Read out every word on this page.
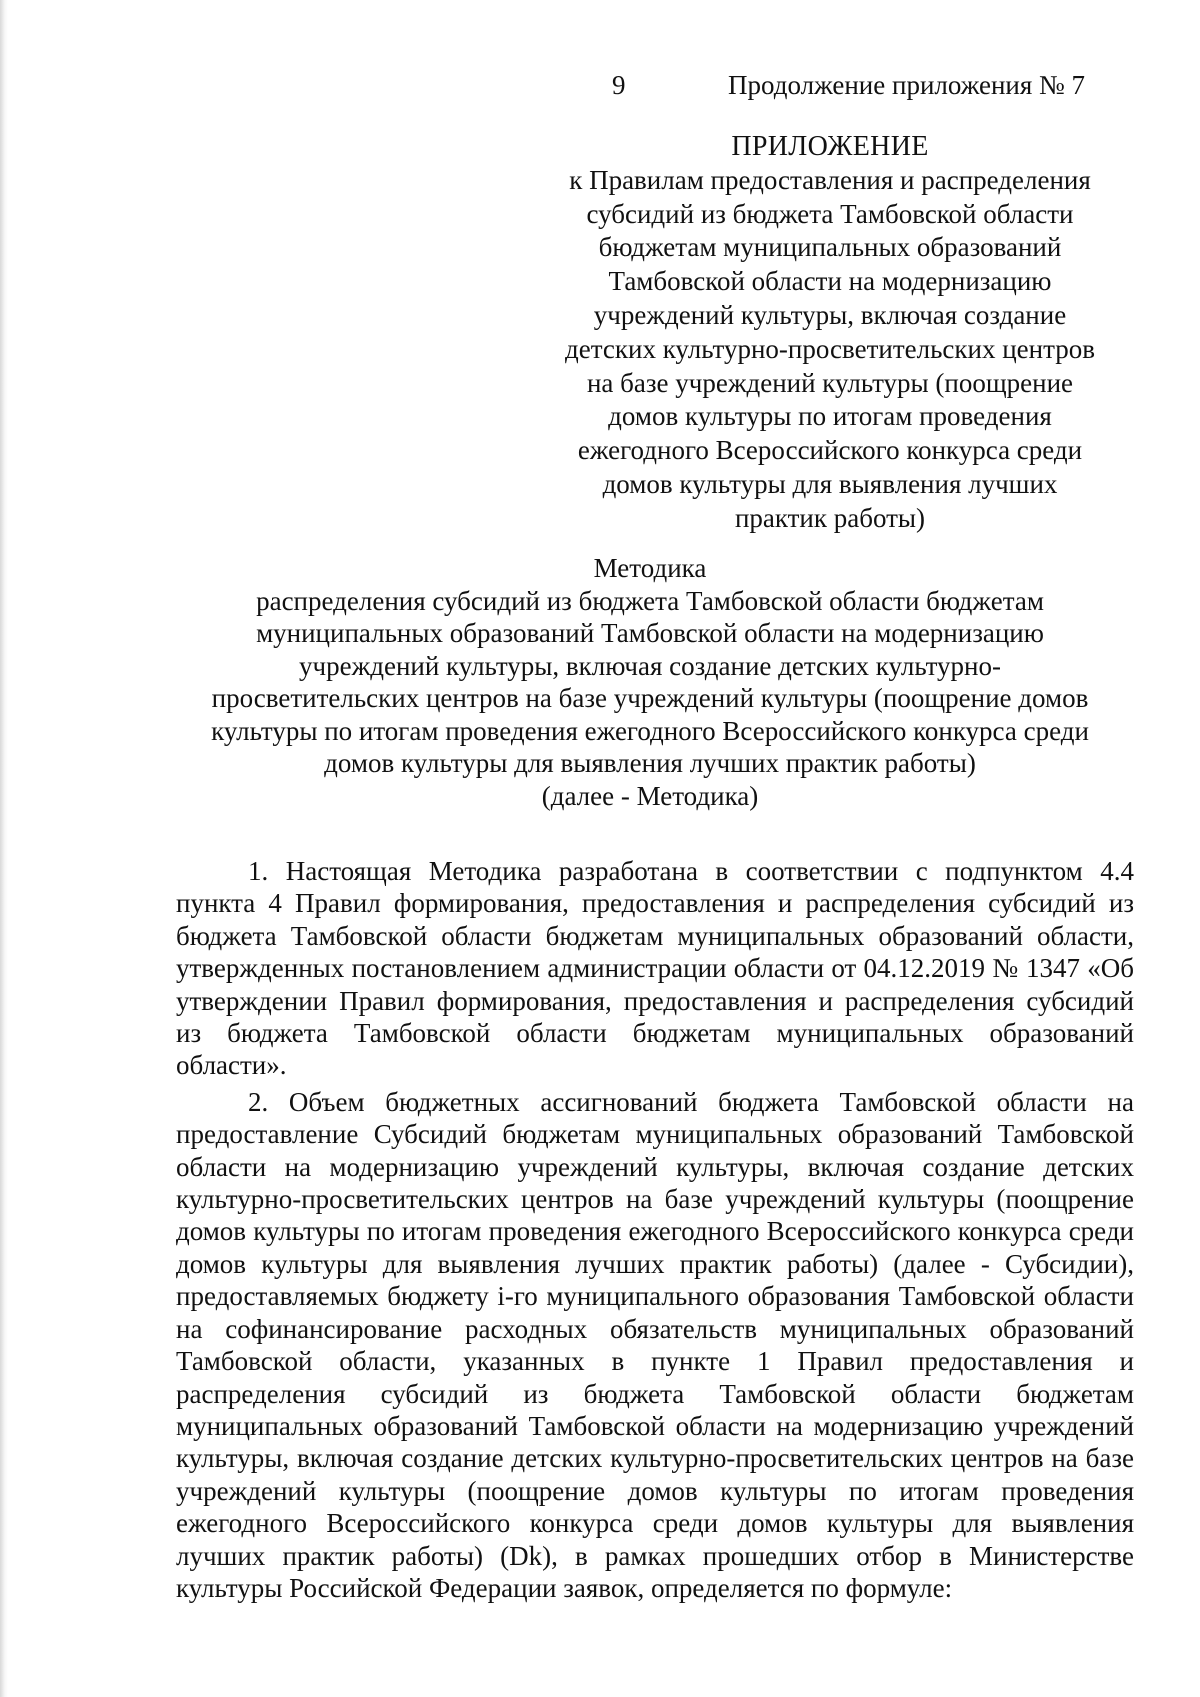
9	Продолжение приложения № 7
ПРИЛОЖЕНИЕ
к Правилам предоставления и распределения
субсидий из бюджета Тамбовской области
бюджетам муниципальных образований
Тамбовской области на модернизацию
учреждений культуры, включая создание
детских культурно-просветительских центров
на базе учреждений культуры (поощрение
домов культуры по итогам проведения
ежегодного Всероссийского конкурса среди
домов культуры для выявления лучших
практик работы)
Методика
распределения субсидий из бюджета Тамбовской области бюджетам
муниципальных образований Тамбовской области на модернизацию
учреждений культуры, включая создание детских культурно-
просветительских центров на базе учреждений культуры (поощрение домов
культуры по итогам проведения ежегодного Всероссийского конкурса среди
домов культуры для выявления лучших практик работы)
(далее - Методика)

1. Настоящая Методика разработана в соответствии с подпунктом 4.4 пункта 4 Правил формирования, предоставления и распределения субсидий из бюджета Тамбовской области бюджетам муниципальных образований области, утвержденных постановлением администрации области от 04.12.2019 № 1347 «Об утверждении Правил формирования, предоставления и распределения субсидий из бюджета Тамбовской области бюджетам муниципальных образований области».

2. Объем бюджетных ассигнований бюджета Тамбовской области на предоставление Субсидий бюджетам муниципальных образований Тамбовской области на модернизацию учреждений культуры, включая создание детских культурно-просветительских центров на базе учреждений культуры (поощрение домов культуры по итогам проведения ежегодного Всероссийского конкурса среди домов культуры для выявления лучших практик работы) (далее - Субсидии), предоставляемых бюджету i-го муниципального образования Тамбовской области на софинансирование расходных обязательств муниципальных образований Тамбовской области, указанных в пункте 1 Правил предоставления и распределения субсидий из бюджета Тамбовской области бюджетам муниципальных образований Тамбовской области на модернизацию учреждений культуры, включая создание детских культурно-просветительских центров на базе учреждений культуры (поощрение домов культуры по итогам проведения ежегодного Всероссийского конкурса среди домов культуры для выявления лучших практик работы) (Dk), в рамках прошедших отбор в Министерстве культуры Российской Федерации заявок, определяется по формуле:
